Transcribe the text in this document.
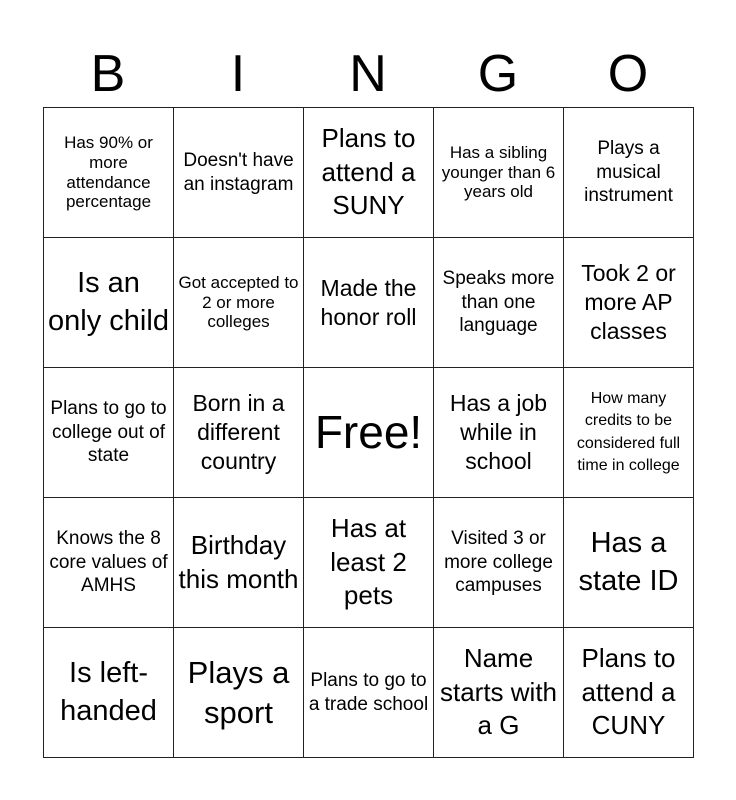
B	I	N	G	O
Has 90% or more attendance percentage	Doesn't have an instagram	Plans to attend a SUNY	Has a sibling younger than 6 years old	Plays a musical instrument

Is an only child	Got accepted to 2 or more colleges	Made the honor roll	Speaks more than one language	Took 2 or more AP classes

Plans to go to college out of state	Born in a different country	Free!	Has a job while in school	How many credits to be considered full time in college

Knows the 8 core values of AMHS	Birthday this month	Has at least 2 pets	Visited 3 or more college campuses	Has a state ID

Is left-handed	Plays a sport	Plans to go to a trade school	Name starts with a G	Plans to attend a CUNY
